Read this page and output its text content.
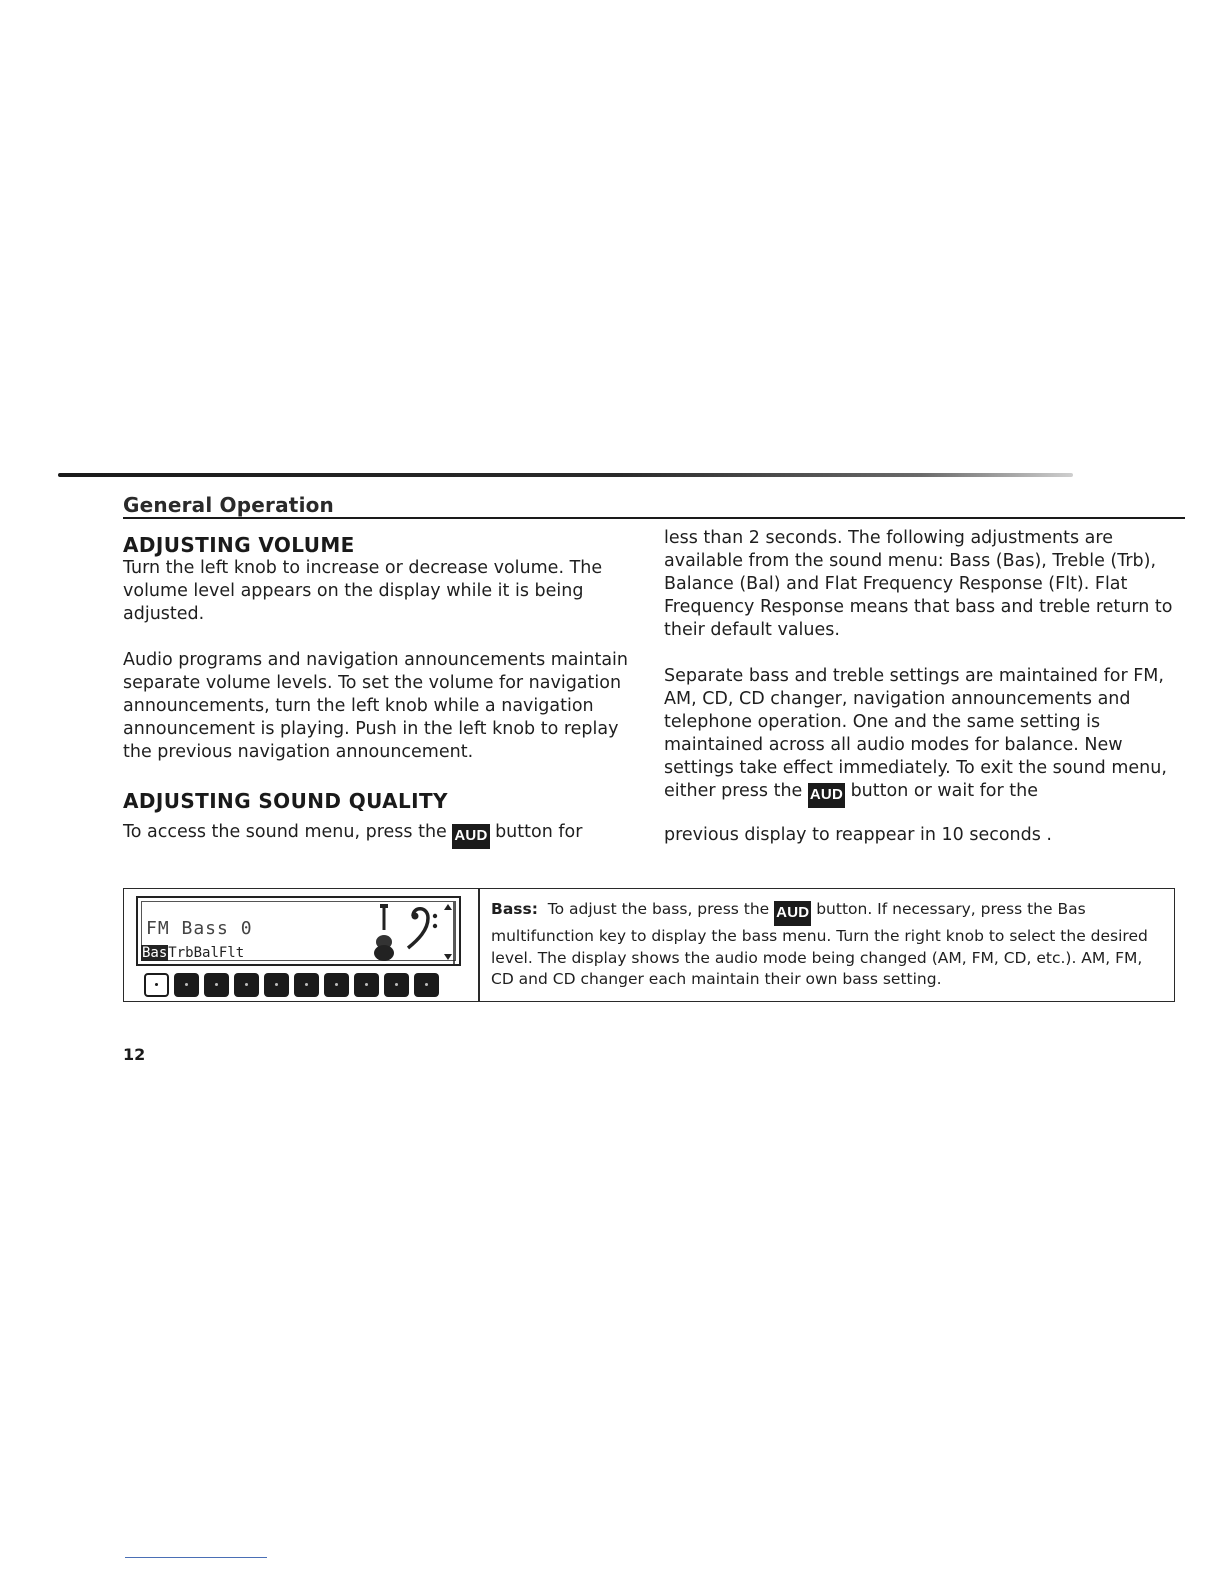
General Operation
ADJUSTING VOLUME

Turn the left knob to increase or decrease volume. The volume level appears on the display while it is being adjusted.

Audio programs and navigation announcements maintain separate volume levels. To set the volume for navigation announcements, turn the left knob while a navigation announcement is playing. Push in the left knob to replay the previous navigation announcement.

ADJUSTING SOUND QUALITY

To access the sound menu, press the AUD button for

less than 2 seconds. The following adjustments are available from the sound menu: Bass (Bas), Treble (Trb), Balance (Bal) and Flat Frequency Response (Flt). Flat Frequency Response means that bass and treble return to their default values.

Separate bass and treble settings are maintained for FM, AM, CD, CD changer, navigation announcements and telephone operation. One and the same setting is maintained across all audio modes for balance. New settings take effect immediately. To exit the sound menu, either press the AUD button or wait for the

previous display to reappear in 10 seconds .

FM Bass 0
BasTrbBalFlt
Bass: To adjust the bass, press the AUD button. If necessary, press the Bas multifunction key to display the bass menu. Turn the right knob to select the desired level. The display shows the audio mode being changed (AM, FM, CD, etc.). AM, FM, CD and CD changer each maintain their own bass setting.
12
